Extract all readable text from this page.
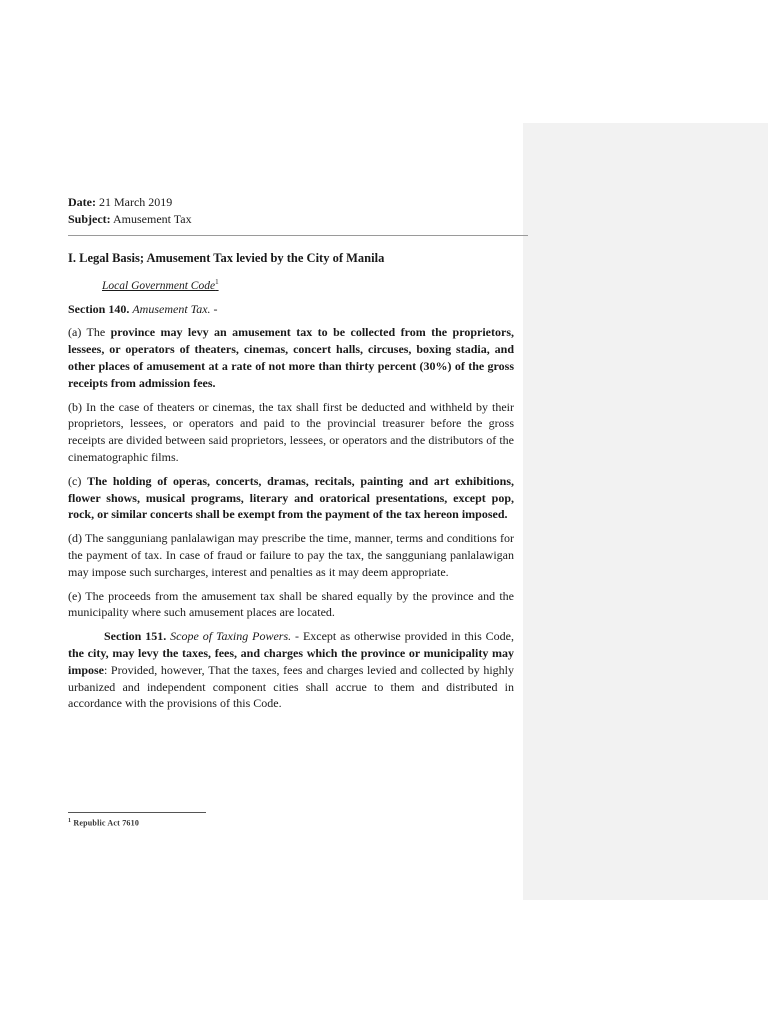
Date: 21 March 2019

Subject: Amusement Tax

I. Legal Basis; Amusement Tax levied by the City of Manila

Local Government Code$^1$

Section 140. Amusement Tax. -

(a) The province may levy an amusement tax to be collected from the proprietors, lessees, or operators of theaters, cinemas, concert halls, circuses, boxing stadia, and other places of amusement at a rate of not more than thirty percent (30%) of the gross receipts from admission fees.

(b) In the case of theaters or cinemas, the tax shall first be deducted and withheld by their proprietors, lessees, or operators and paid to the provincial treasurer before the gross receipts are divided between said proprietors, lessees, or operators and the distributors of the cinematographic films.

(c) The holding of operas, concerts, dramas, recitals, painting and art exhibitions, flower shows, musical programs, literary and oratorical presentations, except pop, rock, or similar concerts shall be exempt from the payment of the tax hereon imposed.

(d) The sangguniang panlalawigan may prescribe the time, manner, terms and conditions for the payment of tax. In case of fraud or failure to pay the tax, the sangguniang panlalawigan may impose such surcharges, interest and penalties as it may deem appropriate.

(e) The proceeds from the amusement tax shall be shared equally by the province and the municipality where such amusement places are located.

Section 151. Scope of Taxing Powers. - Except as otherwise provided in this Code, the city, may levy the taxes, fees, and charges which the province or municipality may impose: Provided, however, That the taxes, fees and charges levied and collected by highly urbanized and independent component cities shall accrue to them and distributed in accordance with the provisions of this Code.

$^1$ Republic Act 7610
